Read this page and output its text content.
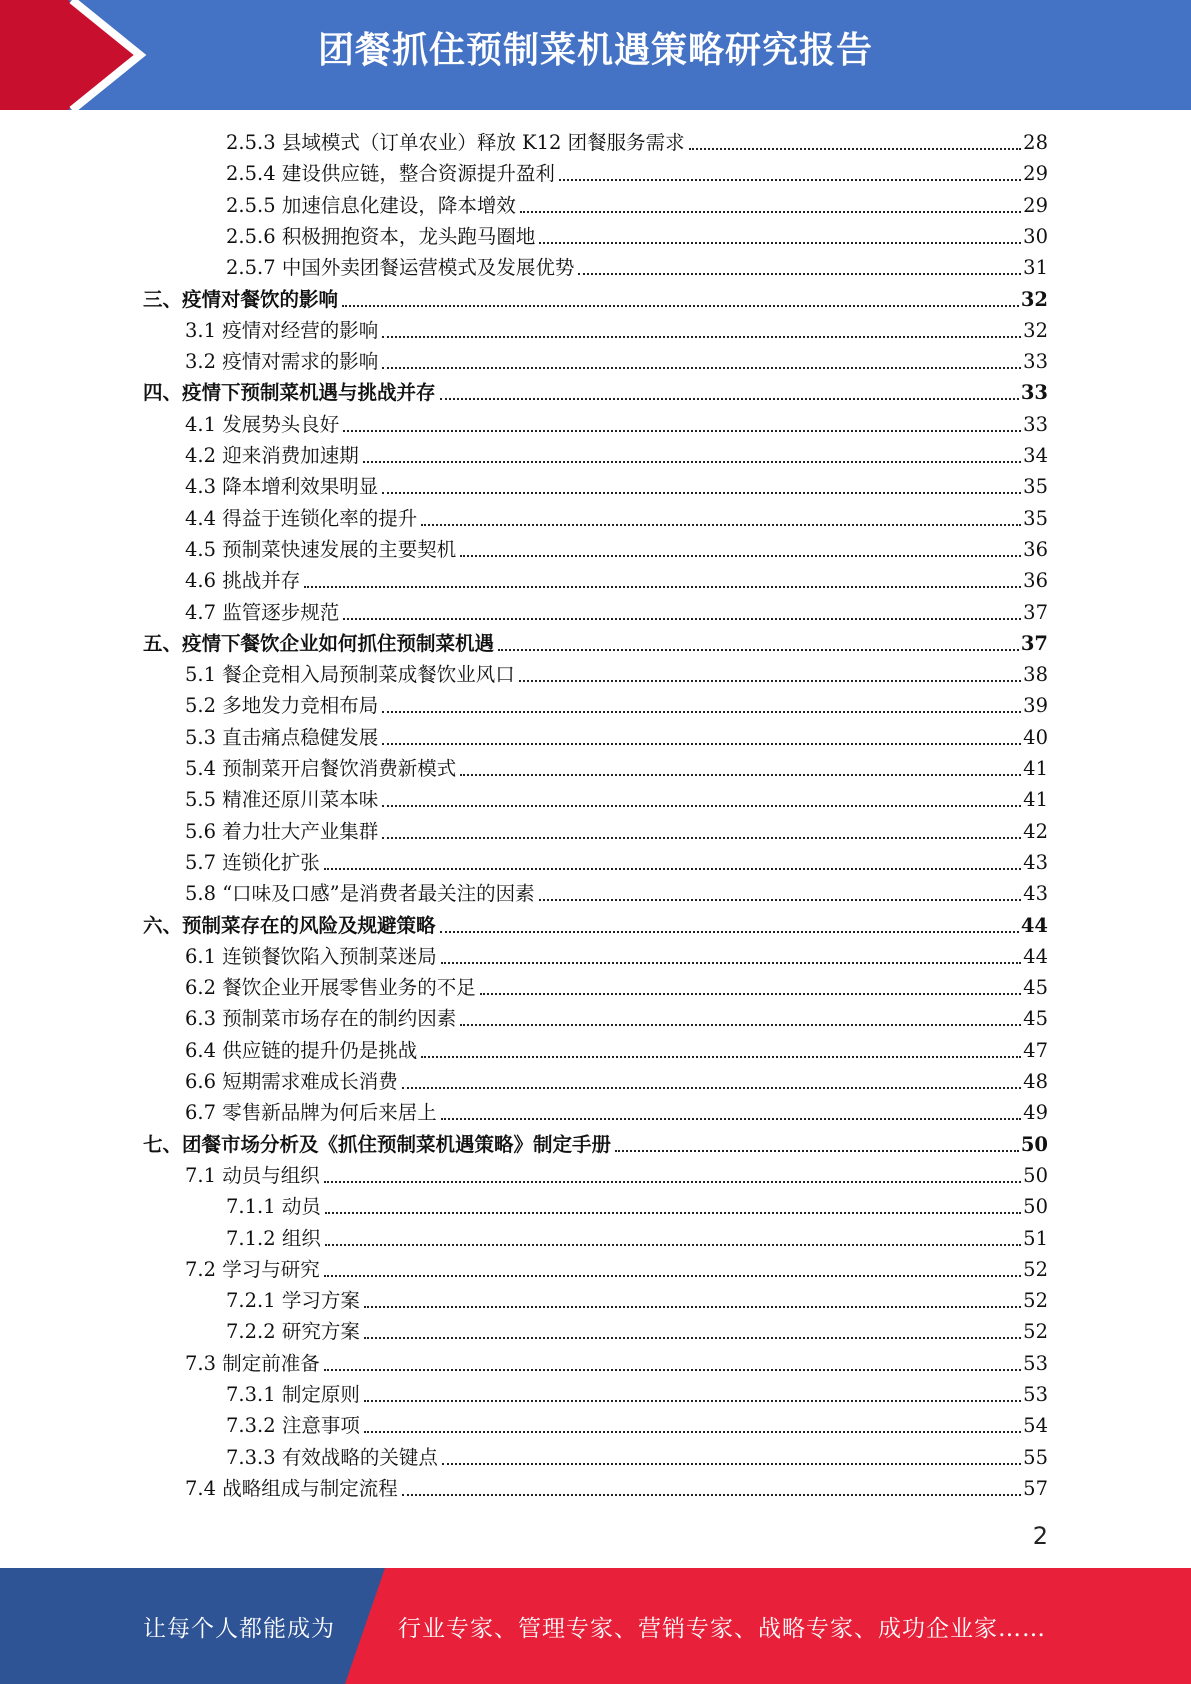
团餐抓住预制菜机遇策略研究报告
2.5.3 县域模式（订单农业）释放 K12 团餐服务需求	28
2.5.4 建设供应链，整合资源提升盈利	29
2.5.5 加速信息化建设，降本增效	29
2.5.6 积极拥抱资本，龙头跑马圈地	30
2.5.7 中国外卖团餐运营模式及发展优势	31
三、疫情对餐饮的影响	32
3.1 疫情对经营的影响	32
3.2 疫情对需求的影响	33
四、疫情下预制菜机遇与挑战并存	33
4.1 发展势头良好	33
4.2 迎来消费加速期	34
4.3 降本增利效果明显	35
4.4 得益于连锁化率的提升	35
4.5 预制菜快速发展的主要契机	36
4.6 挑战并存	36
4.7 监管逐步规范	37
五、疫情下餐饮企业如何抓住预制菜机遇	37
5.1 餐企竞相入局预制菜成餐饮业风口	38
5.2 多地发力竞相布局	39
5.3 直击痛点稳健发展	40
5.4 预制菜开启餐饮消费新模式	41
5.5 精准还原川菜本味	41
5.6 着力壮大产业集群	42
5.7 连锁化扩张	43
5.8 “口味及口感”是消费者最关注的因素	43
六、预制菜存在的风险及规避策略	44
6.1 连锁餐饮陷入预制菜迷局	44
6.2 餐饮企业开展零售业务的不足	45
6.3 预制菜市场存在的制约因素	45
6.4 供应链的提升仍是挑战	47
6.6 短期需求难成长消费	48
6.7 零售新品牌为何后来居上	49
七、团餐市场分析及《抓住预制菜机遇策略》制定手册	50
7.1 动员与组织	50
7.1.1 动员	50
7.1.2 组织	51
7.2 学习与研究	52
7.2.1 学习方案	52
7.2.2 研究方案	52
7.3 制定前准备	53
7.3.1 制定原则	53
7.3.2 注意事项	54
7.3.3 有效战略的关键点	55
7.4 战略组成与制定流程	57
2
让每个人都能成为	行业专家、管理专家、营销专家、战略专家、成功企业家……
